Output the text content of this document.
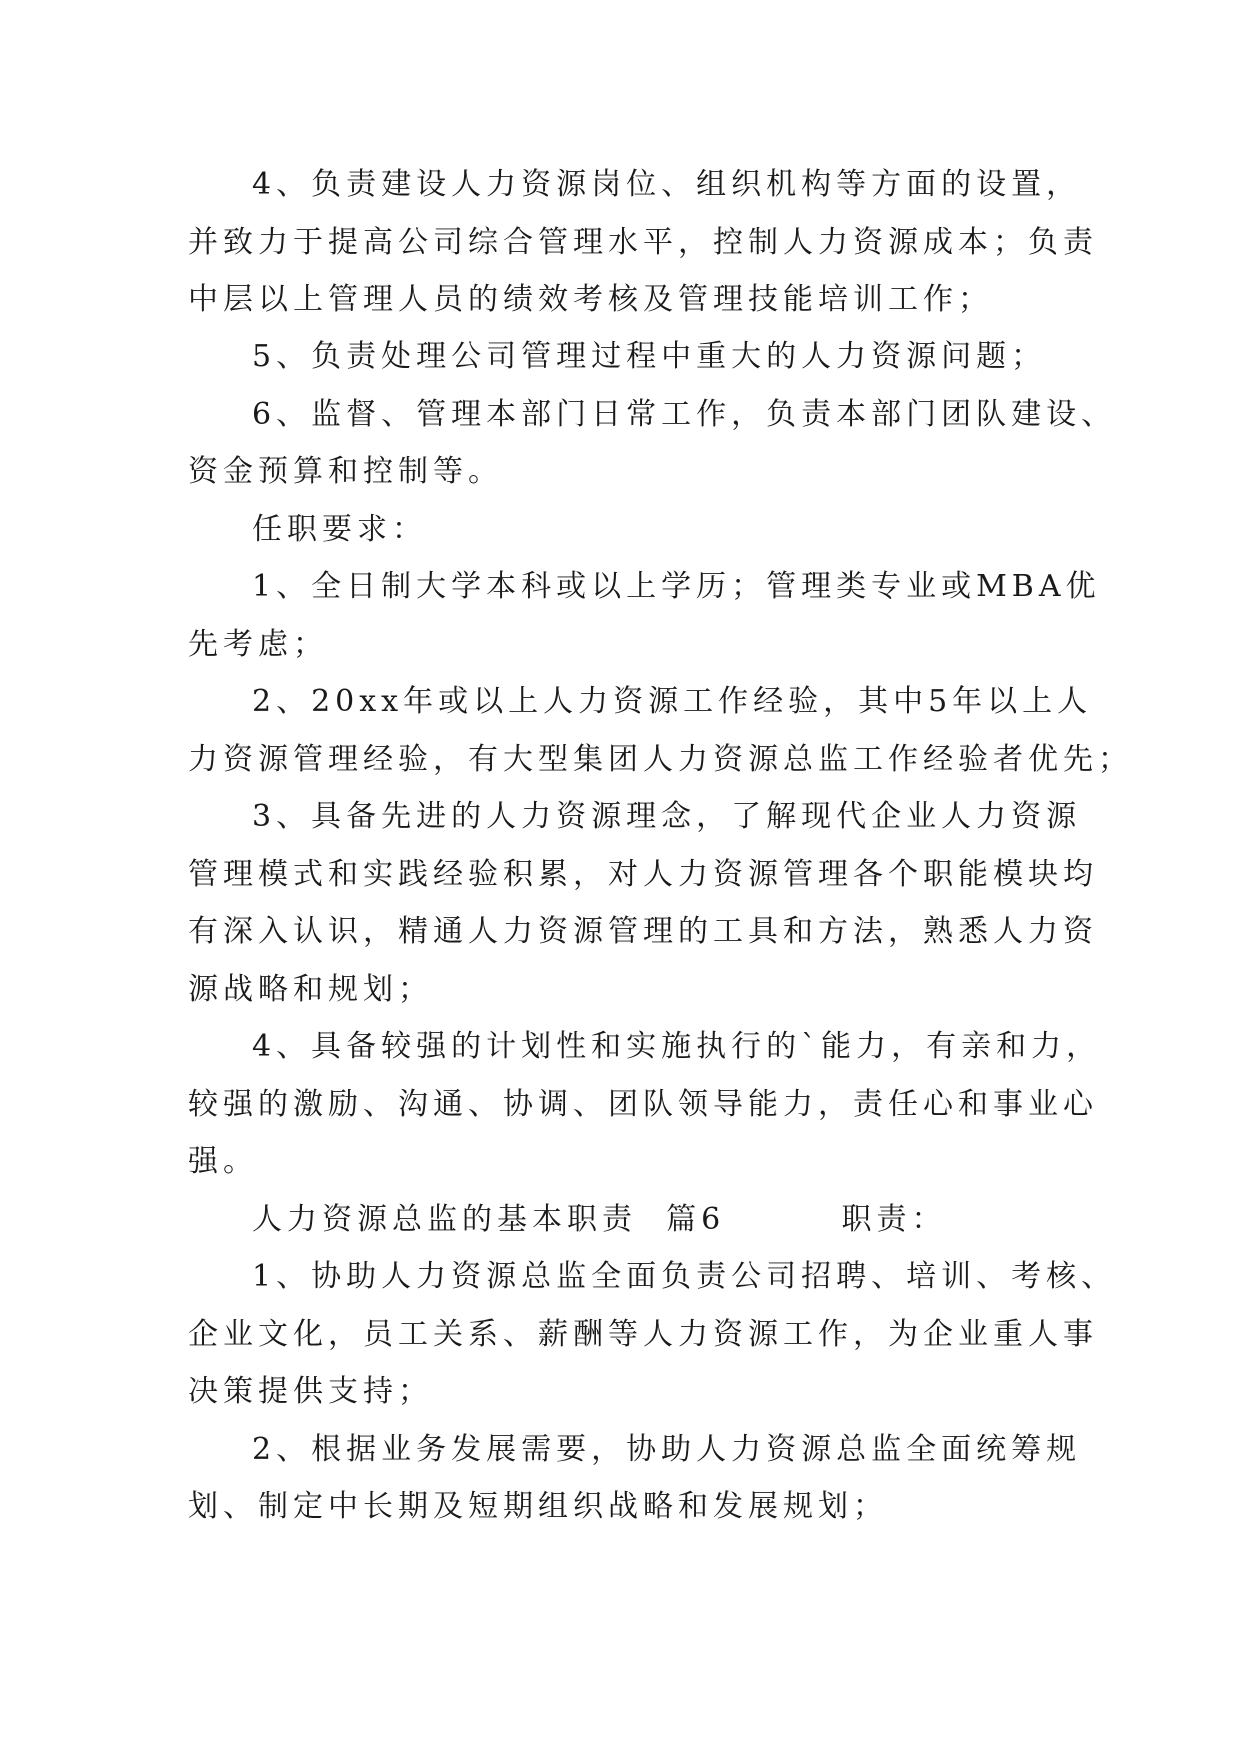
4、负责建设人力资源岗位、组织机构等方面的设置，
并致力于提高公司综合管理水平，控制人力资源成本；负责
中层以上管理人员的绩效考核及管理技能培训工作；
5、负责处理公司管理过程中重大的人力资源问题；
6、监督、管理本部门日常工作，负责本部门团队建设、
资金预算和控制等。
任职要求：
1、全日制大学本科或以上学历；管理类专业或MBA优
先考虑；
2、20xx年或以上人力资源工作经验，其中5年以上人
力资源管理经验，有大型集团人力资源总监工作经验者优先；
3、具备先进的人力资源理念，了解现代企业人力资源
管理模式和实践经验积累，对人力资源管理各个职能模块均
有深入认识，精通人力资源管理的工具和方法，熟悉人力资
源战略和规划；
4、具备较强的计划性和实施执行的`能力，有亲和力，
较强的激励、沟通、协调、团队领导能力，责任心和事业心
强。
人力资源总监的基本职责  篇6        职责：
1、协助人力资源总监全面负责公司招聘、培训、考核、
企业文化，员工关系、薪酬等人力资源工作，为企业重人事
决策提供支持；
2、根据业务发展需要，协助人力资源总监全面统筹规
划、制定中长期及短期组织战略和发展规划；
